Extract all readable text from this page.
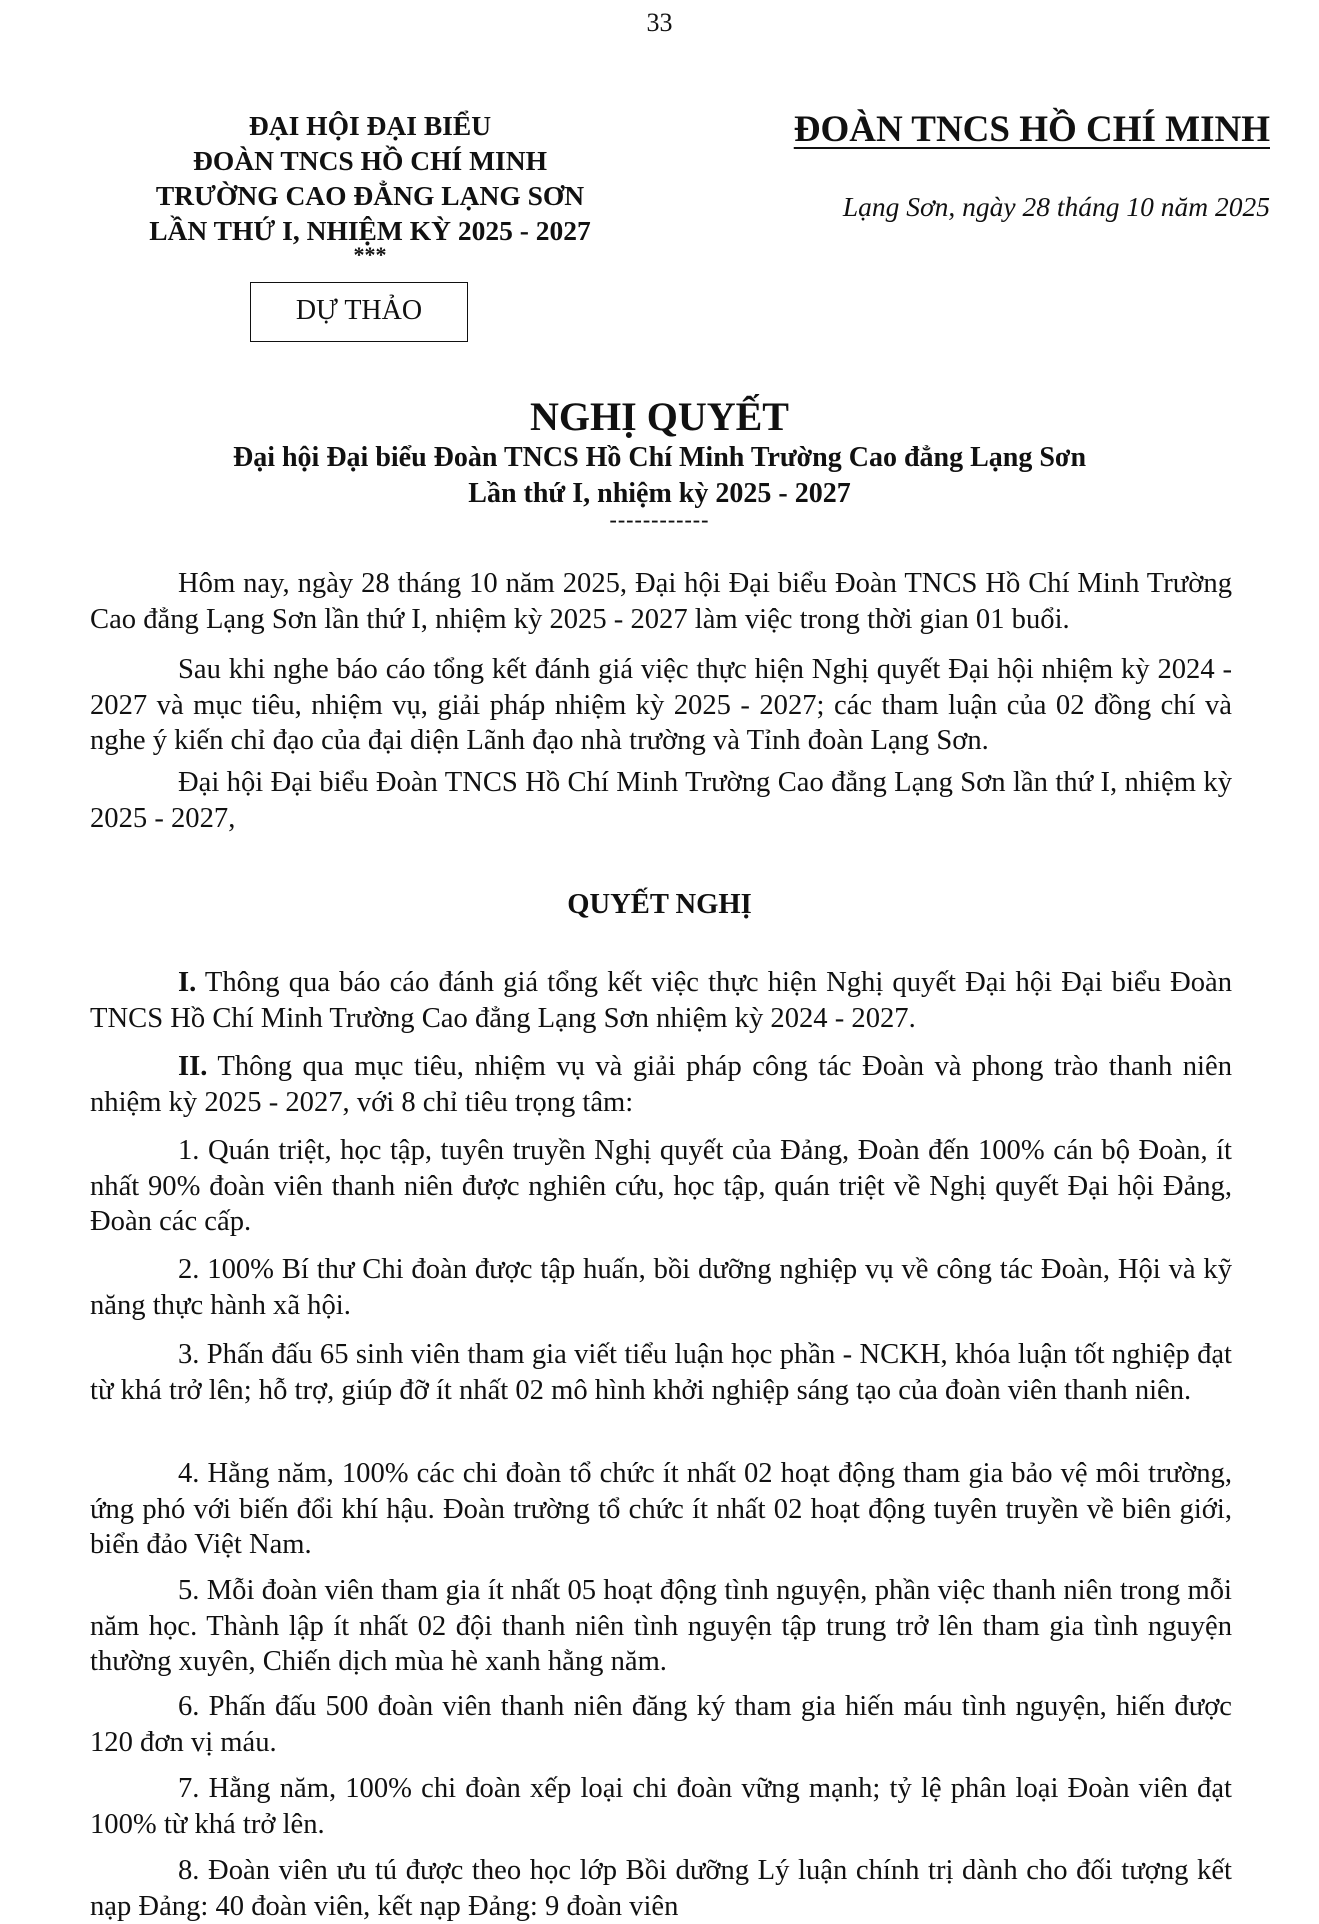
33
ĐẠI HỘI ĐẠI BIỂU
ĐOÀN TNCS HỒ CHÍ MINH
TRƯỜNG CAO ĐẲNG LẠNG SƠN
LẦN THỨ I, NHIỆM KỲ 2025 - 2027
***
DỰ THẢO
ĐOÀN TNCS HỒ CHÍ MINH
Lạng Sơn, ngày 28 tháng 10 năm 2025
NGHỊ QUYẾT
Đại hội Đại biểu Đoàn TNCS Hồ Chí Minh Trường Cao đẳng Lạng Sơn
Lần thứ I, nhiệm kỳ 2025 - 2027
------------

Hôm nay, ngày 28 tháng 10 năm 2025, Đại hội Đại biểu Đoàn TNCS Hồ Chí Minh Trường Cao đẳng Lạng Sơn lần thứ I, nhiệm kỳ 2025 - 2027 làm việc trong thời gian 01 buổi.

Sau khi nghe báo cáo tổng kết đánh giá việc thực hiện Nghị quyết Đại hội nhiệm kỳ 2024 - 2027 và mục tiêu, nhiệm vụ, giải pháp nhiệm kỳ 2025 - 2027; các tham luận của 02 đồng chí và nghe ý kiến chỉ đạo của đại diện Lãnh đạo nhà trường và Tỉnh đoàn Lạng Sơn.

Đại hội Đại biểu Đoàn TNCS Hồ Chí Minh Trường Cao đẳng Lạng Sơn lần thứ I, nhiệm kỳ 2025 - 2027,

QUYẾT NGHỊ

I. Thông qua báo cáo đánh giá tổng kết việc thực hiện Nghị quyết Đại hội Đại biểu Đoàn TNCS Hồ Chí Minh Trường Cao đẳng Lạng Sơn nhiệm kỳ 2024 - 2027.

II. Thông qua mục tiêu, nhiệm vụ và giải pháp công tác Đoàn và phong trào thanh niên nhiệm kỳ 2025 - 2027, với 8 chỉ tiêu trọng tâm:

1. Quán triệt, học tập, tuyên truyền Nghị quyết của Đảng, Đoàn đến 100% cán bộ Đoàn, ít nhất 90% đoàn viên thanh niên được nghiên cứu, học tập, quán triệt về Nghị quyết Đại hội Đảng, Đoàn các cấp.

2. 100% Bí thư Chi đoàn được tập huấn, bồi dưỡng nghiệp vụ về công tác Đoàn, Hội và kỹ năng thực hành xã hội.

3. Phấn đấu 65 sinh viên tham gia viết tiểu luận học phần - NCKH, khóa luận tốt nghiệp đạt từ khá trở lên; hỗ trợ, giúp đỡ ít nhất 02 mô hình khởi nghiệp sáng tạo của đoàn viên thanh niên.

4. Hằng năm, 100% các chi đoàn tổ chức ít nhất 02 hoạt động tham gia bảo vệ môi trường, ứng phó với biến đổi khí hậu. Đoàn trường tổ chức ít nhất 02 hoạt động tuyên truyền về biên giới, biển đảo Việt Nam.

5. Mỗi đoàn viên tham gia ít nhất 05 hoạt động tình nguyện, phần việc thanh niên trong mỗi năm học. Thành lập ít nhất 02 đội thanh niên tình nguyện tập trung trở lên tham gia tình nguyện thường xuyên, Chiến dịch mùa hè xanh hằng năm.

6. Phấn đấu 500 đoàn viên thanh niên đăng ký tham gia hiến máu tình nguyện, hiến được 120 đơn vị máu.

7. Hằng năm, 100% chi đoàn xếp loại chi đoàn vững mạnh; tỷ lệ phân loại Đoàn viên đạt 100% từ khá trở lên.

8. Đoàn viên ưu tú được theo học lớp Bồi dưỡng Lý luận chính trị dành cho đối tượng kết nạp Đảng: 40 đoàn viên, kết nạp Đảng: 9 đoàn viên
